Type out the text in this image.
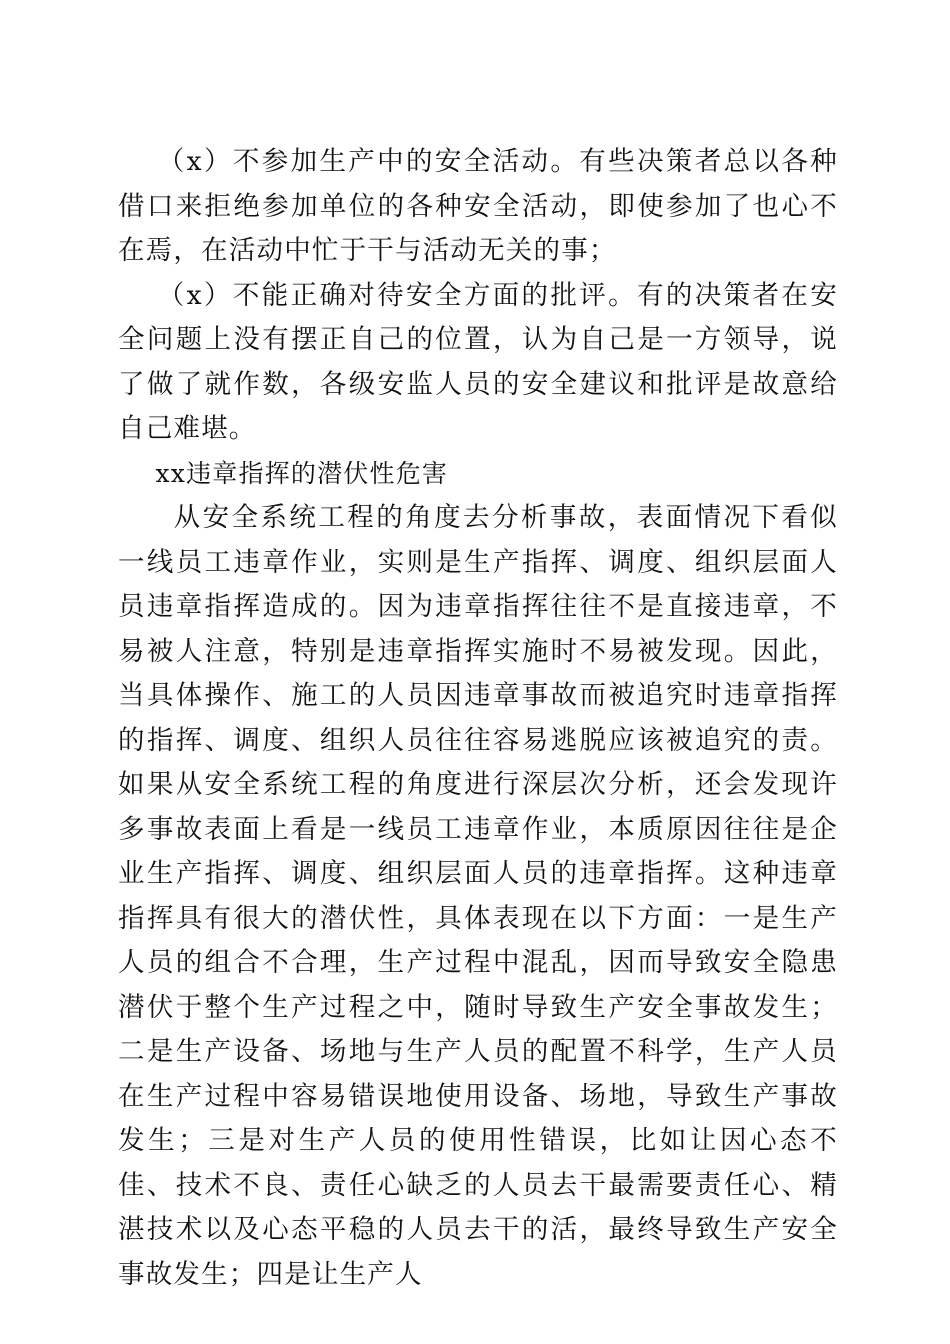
（x）不参加生产中的安全活动。有些决策者总以各种借口来拒绝参加单位的各种安全活动，即使参加了也心不在焉，在活动中忙于干与活动无关的事；

（x）不能正确对待安全方面的批评。有的决策者在安全问题上没有摆正自己的位置，认为自己是一方领导，说了做了就作数，各级安监人员的安全建议和批评是故意给自己难堪。

xx违章指挥的潜伏性危害

从安全系统工程的角度去分析事故，表面情况下看似一线员工违章作业，实则是生产指挥、调度、组织层面人员违章指挥造成的。因为违章指挥往往不是直接违章，不易被人注意，特别是违章指挥实施时不易被发现。因此，当具体操作、施工的人员因违章事故而被追究时违章指挥的指挥、调度、组织人员往往容易逃脱应该被追究的责。如果从安全系统工程的角度进行深层次分析，还会发现许多事故表面上看是一线员工违章作业，本质原因往往是企业生产指挥、调度、组织层面人员的违章指挥。这种违章指挥具有很大的潜伏性，具体表现在以下方面：一是生产人员的组合不合理，生产过程中混乱，因而导致安全隐患潜伏于整个生产过程之中，随时导致生产安全事故发生；二是生产设备、场地与生产人员的配置不科学，生产人员在生产过程中容易错误地使用设备、场地，导致生产事故发生；三是对生产人员的使用性错误，比如让因心态不佳、技术不良、责任心缺乏的人员去干最需要责任心、精湛技术以及心态平稳的人员去干的活，最终导致生产安全事故发生；四是让生产人
